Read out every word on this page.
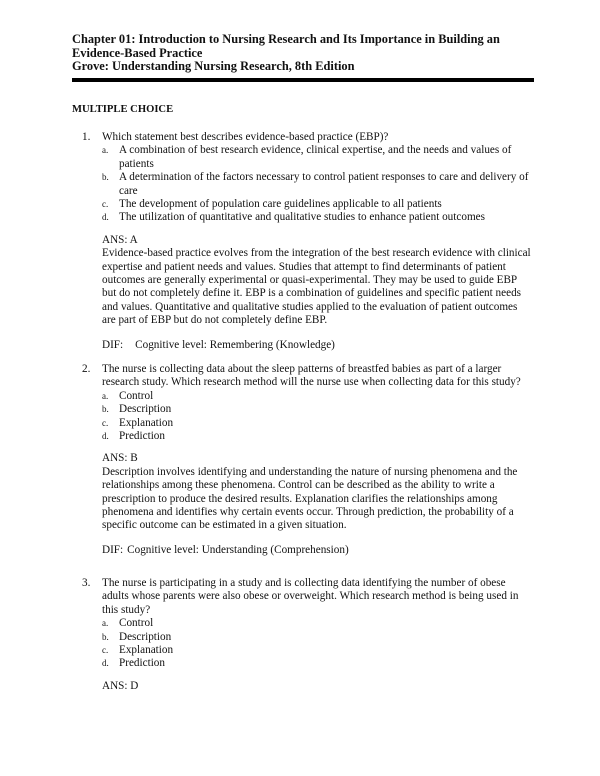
Chapter 01: Introduction to Nursing Research and Its Importance in Building an
Evidence-Based Practice
Grove: Understanding Nursing Research, 8th Edition
MULTIPLE CHOICE
1.	Which statement best describes evidence-based practice (EBP)?
a. A combination of best research evidence, clinical expertise, and the needs and values of patients
b. A determination of the factors necessary to control patient responses to care and delivery of care
c. The development of population care guidelines applicable to all patients
d. The utilization of quantitative and qualitative studies to enhance patient outcomes
ANS: A
Evidence-based practice evolves from the integration of the best research evidence with clinical expertise and patient needs and values. Studies that attempt to find determinants of patient outcomes are generally experimental or quasi-experimental. They may be used to guide EBP but do not completely define it. EBP is a combination of guidelines and specific patient needs and values. Quantitative and qualitative studies applied to the evaluation of patient outcomes are part of EBP but do not completely define EBP.
DIF: Cognitive level: Remembering (Knowledge)
2.	The nurse is collecting data about the sleep patterns of breastfed babies as part of a larger research study. Which research method will the nurse use when collecting data for this study?
a. Control
b. Description
c. Explanation
d. Prediction
ANS: B
Description involves identifying and understanding the nature of nursing phenomena and the relationships among these phenomena. Control can be described as the ability to write a prescription to produce the desired results. Explanation clarifies the relationships among phenomena and identifies why certain events occur. Through prediction, the probability of a specific outcome can be estimated in a given situation.
DIF: Cognitive level: Understanding (Comprehension)
3.	The nurse is participating in a study and is collecting data identifying the number of obese adults whose parents were also obese or overweight. Which research method is being used in this study?
a. Control
b. Description
c. Explanation
d. Prediction
ANS: D
